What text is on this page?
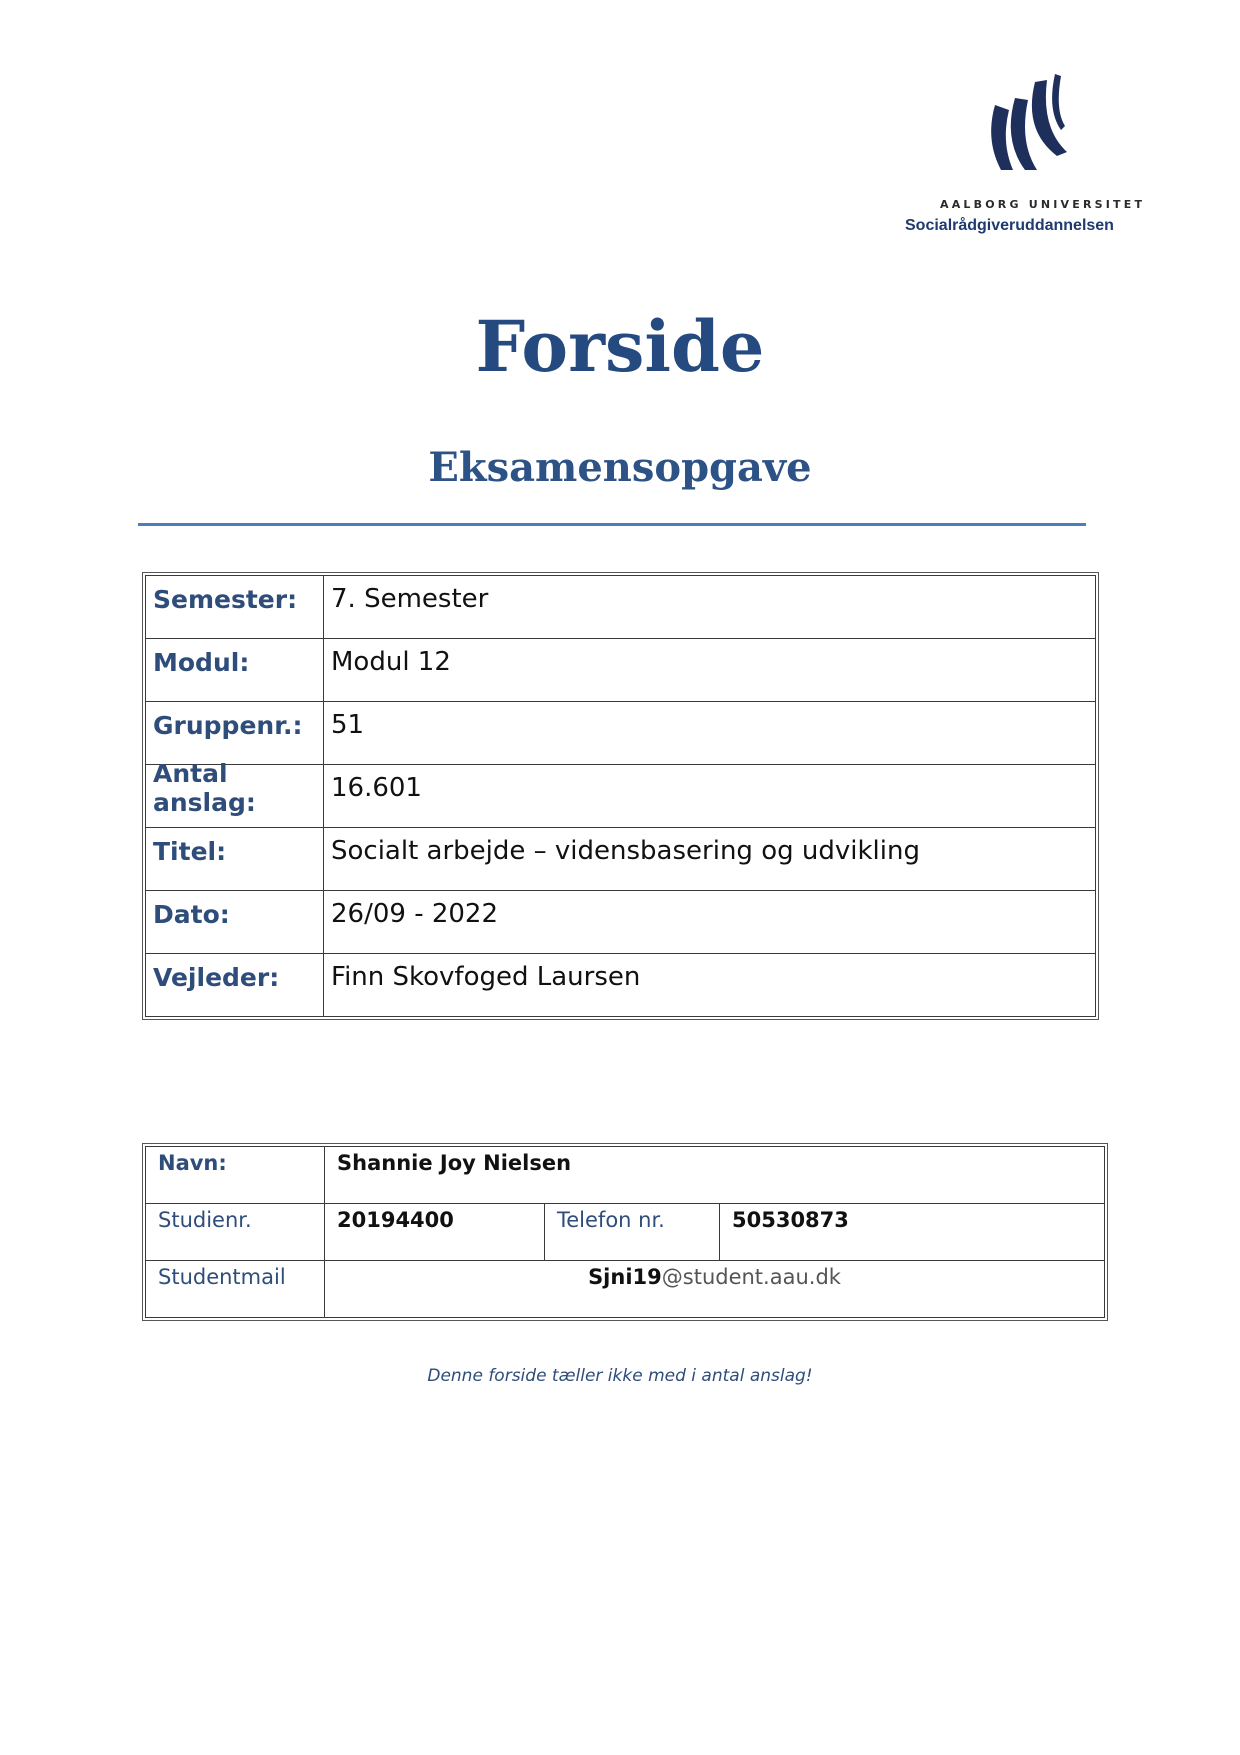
AALBORG UNIVERSITET
Socialrådgiveruddannelsen
Forside
Eksamensopgave
Semester:	7. Semester
Modul:	Modul 12
Gruppenr.:	51
Antal anslag:	16.601
Titel:	Socialt arbejde – vidensbasering og udvikling
Dato:	26/09 - 2022
Vejleder:	Finn Skovfoged Laursen
Navn:	Shannie Joy Nielsen		
Studienr.	20194400	Telefon nr.	50530873
Studentmail	Sjni19@student.aau.dk		

Denne forside tæller ikke med i antal anslag!
